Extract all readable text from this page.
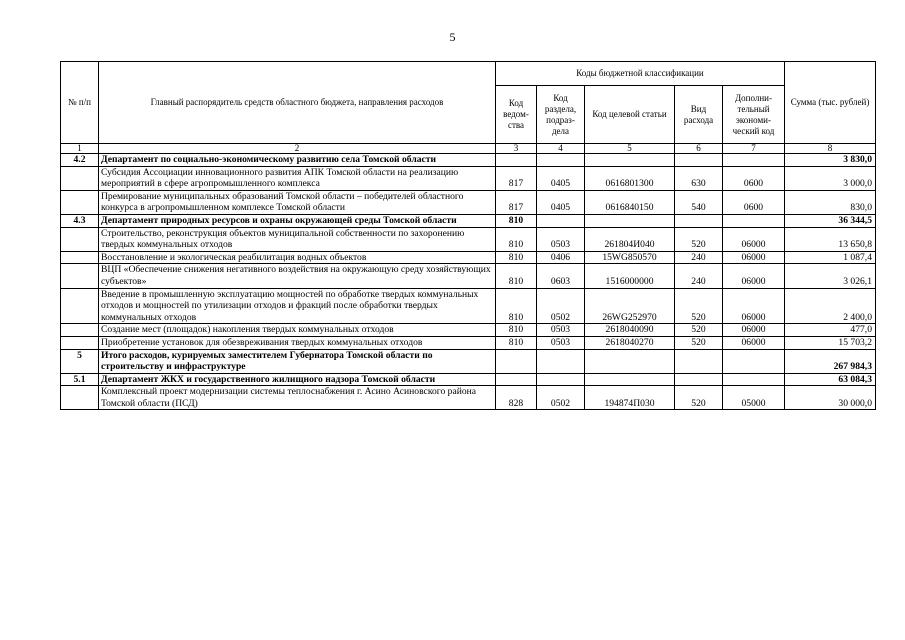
5
№ п/п	Главный распорядитель средств областного бюджета, направления расходов	Коды бюджетной классификации					Сумма (тыс. рублей)
		Код ведом-ства	Код раздела, подраз-дела	Код целевой статьи	Вид расхода	Дополни-тельный экономи-ческий код	
1	2	3	4	5	6	7	8
4.2	Департамент по социально-экономическому развитию села Томской области						3 830,0
	Субсидия Ассоциации инновационного развития АПК Томской области на реализацию мероприятий в сфере агропромышленного комплекса	817	0405	0616801300	630	0600	3 000,0
	Премирование муниципальных образований Томской области – победителей областного конкурса в агропромышленном комплексе Томской области	817	0405	0616840150	540	0600	830,0
4.3	Департамент природных ресурсов и охраны окружающей среды Томской области	810					36 344,5
	Строительство, реконструкция объектов муниципальной собственности по захоронению твердых коммунальных отходов	810	0503	261804И040	520	06000	13 650,8
	Восстановление и экологическая реабилитация водных объектов	810	0406	15WG850570	240	06000	1 087,4
	ВЦП «Обеспечение снижения негативного воздействия на окружающую среду хозяйствующих субъектов»	810	0603	1516000000	240	06000	3 026,1
	Введение в промышленную эксплуатацию мощностей по обработке твердых коммунальных отходов и мощностей по утилизации отходов и фракций после обработки твердых коммунальных отходов	810	0502	26WG252970	520	06000	2 400,0
	Создание мест (площадок) накопления твердых коммунальных отходов	810	0503	2618040090	520	06000	477,0
	Приобретение установок для обезвреживания твердых коммунальных отходов	810	0503	2618040270	520	06000	15 703,2
5	Итого расходов, курируемых заместителем Губернатора Томской области по строительству и инфраструктуре						267 984,3
5.1	Департамент ЖКХ и государственного жилищного надзора Томской области						63 084,3
	Комплексный проект модернизации системы теплоснабжения г. Асино Асиновского района Томской области (ПСД)	828	0502	194874П030	520	05000	30 000,0
